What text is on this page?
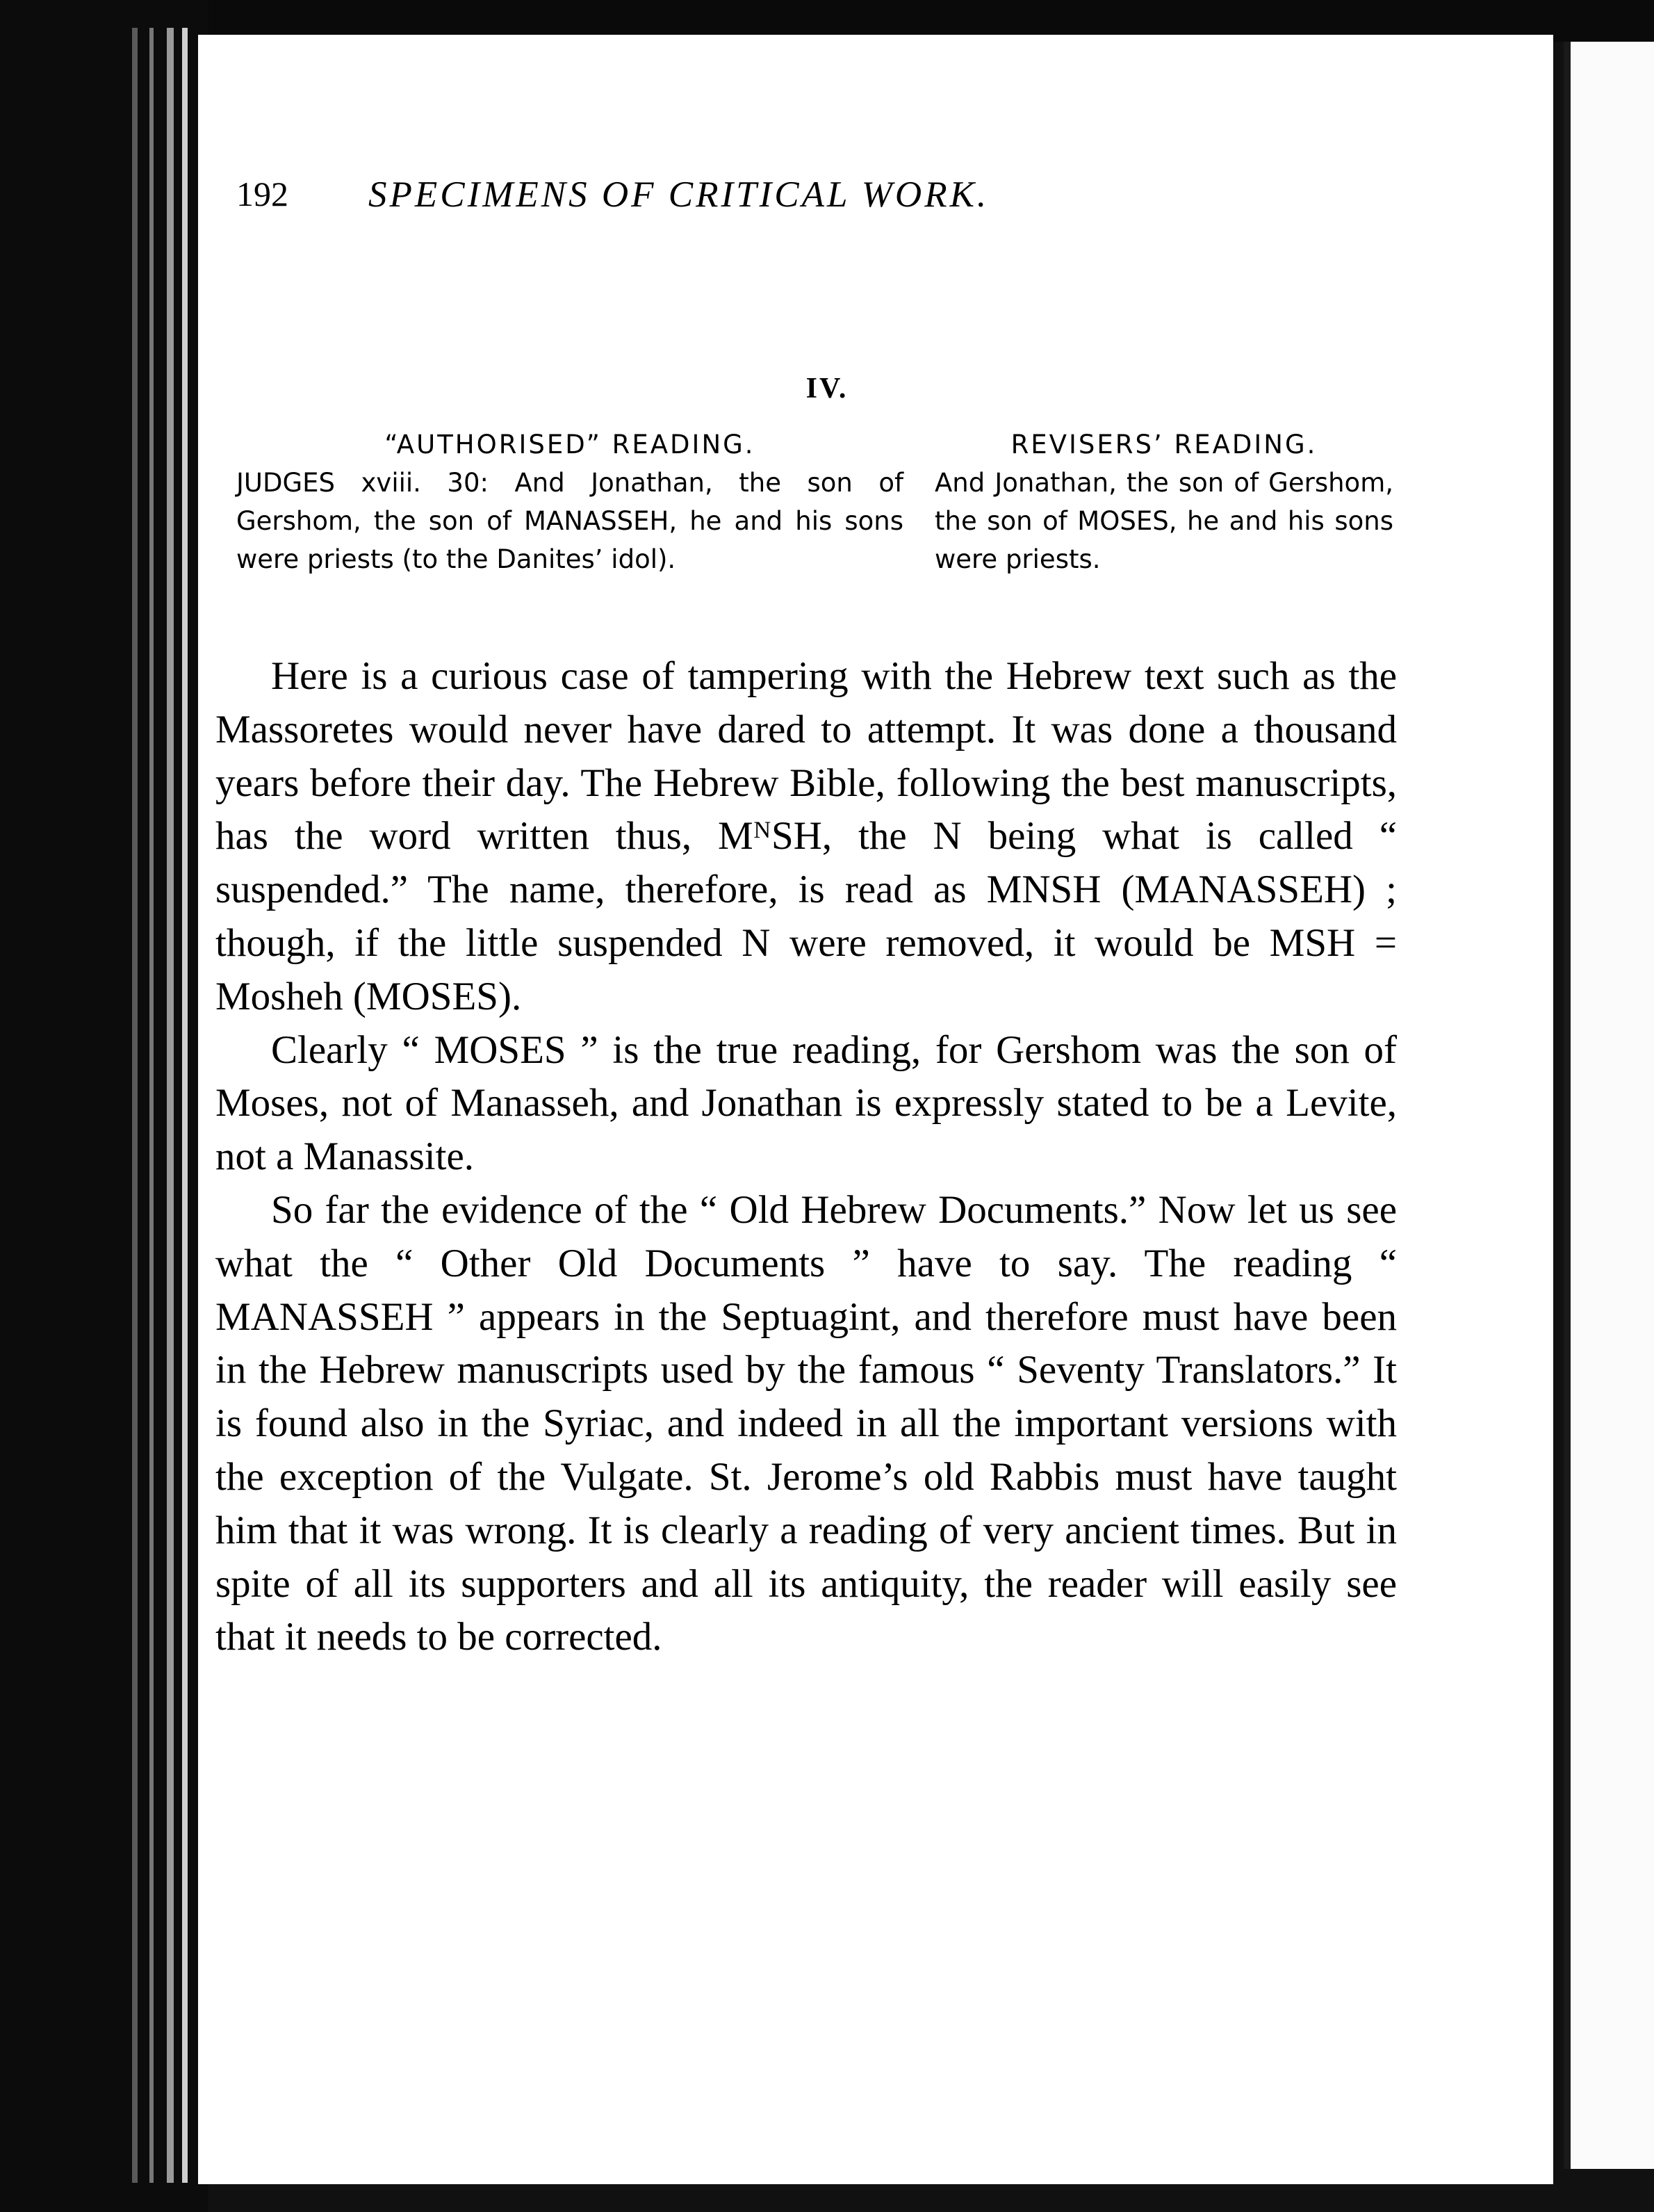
192 SPECIMENS OF CRITICAL WORK.
IV.
“AUTHORISED” READING.

JUDGES xviii. 30: And Jonathan, the son of Gershom, the son of MANASSEH, he and his sons were priests (to the Danites’ idol).

REVISERS’ READING.

And Jonathan, the son of Gershom, the son of MOSES, he and his sons were priests.

Here is a curious case of tampering with the Hebrew text such as the Massoretes would never have dared to attempt. It was done a thousand years before their day. The Hebrew Bible, following the best manuscripts, has the word written thus, MᴺSH, the N being what is called “ suspended.” The name, therefore, is read as MNSH (MANASSEH) ; though, if the little suspended N were removed, it would be MSH = Mosheh (MOSES).

Clearly “ MOSES ” is the true reading, for Gershom was the son of Moses, not of Manasseh, and Jonathan is expressly stated to be a Levite, not a Manassite.

So far the evidence of the “ Old Hebrew Documents.” Now let us see what the “ Other Old Documents ” have to say. The reading “ MANASSEH ” appears in the Septuagint, and therefore must have been in the Hebrew manuscripts used by the famous “ Seventy Translators.” It is found also in the Syriac, and indeed in all the important versions with the exception of the Vulgate. St. Jerome’s old Rabbis must have taught him that it was wrong. It is clearly a reading of very ancient times. But in spite of all its supporters and all its antiquity, the reader will easily see that it needs to be corrected.
